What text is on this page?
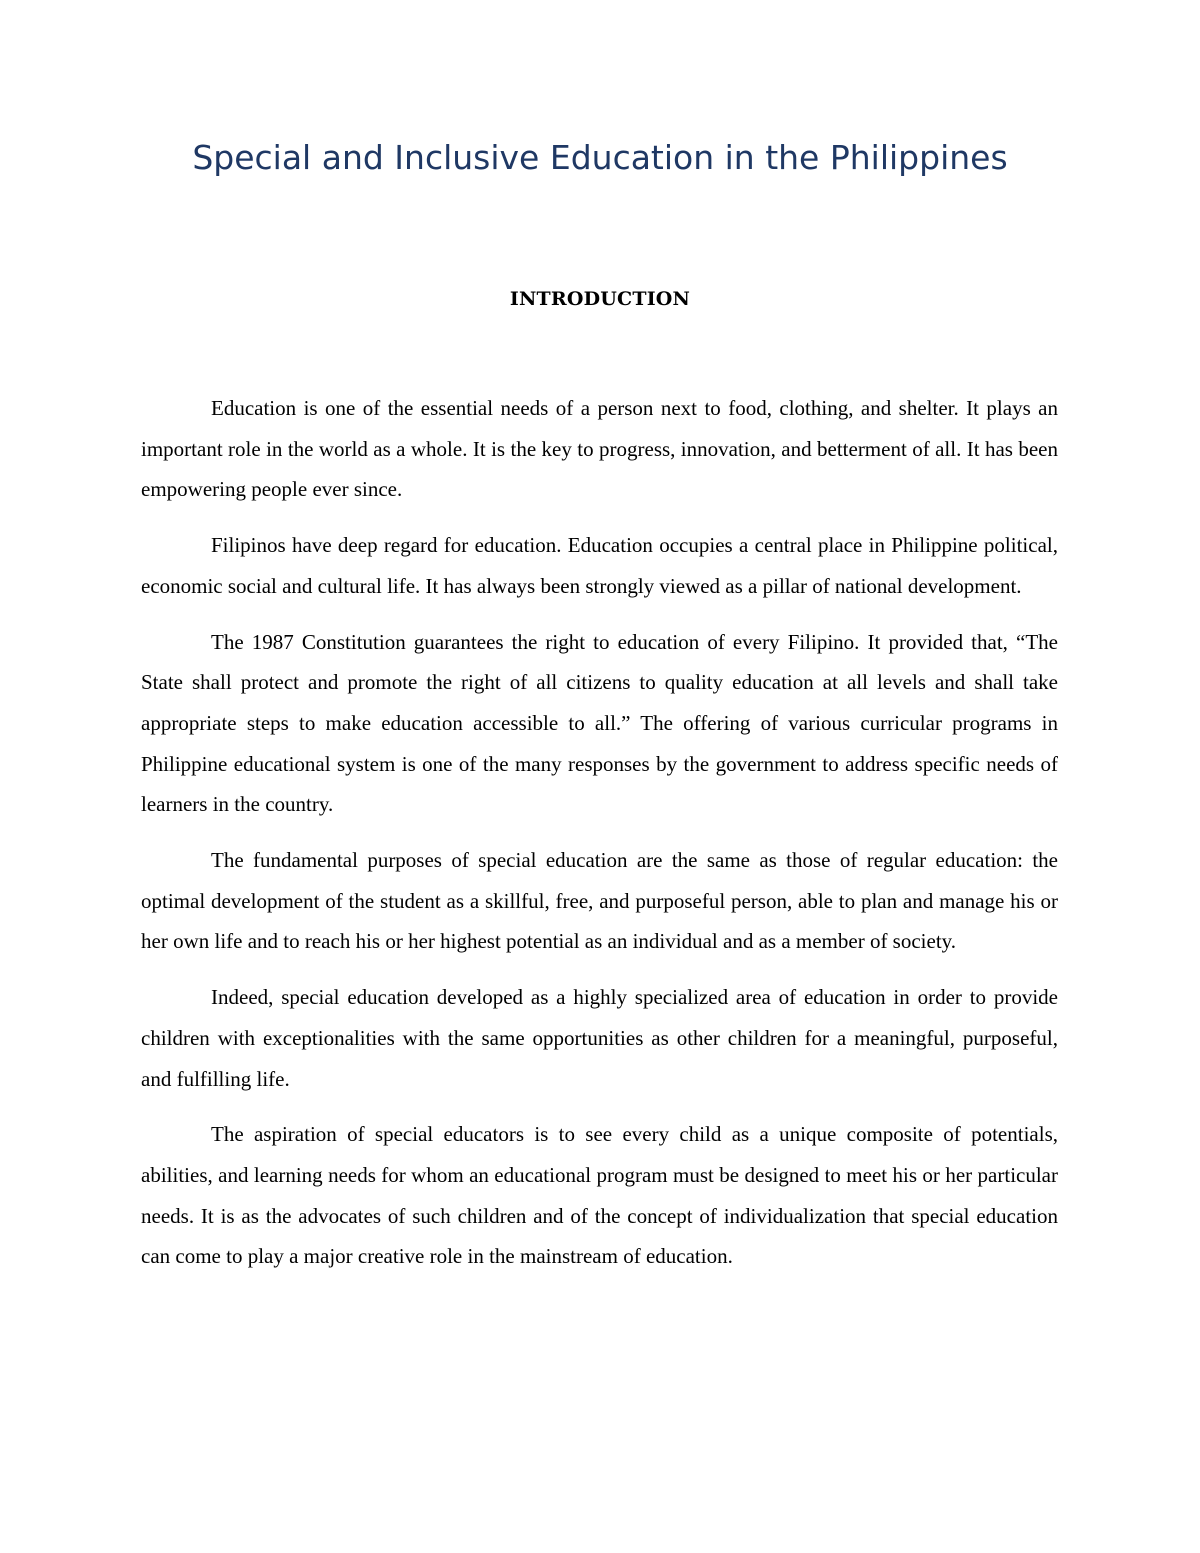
Special and Inclusive Education in the Philippines
INTRODUCTION

Education is one of the essential needs of a person next to food, clothing, and shelter. It plays an important role in the world as a whole. It is the key to progress, innovation, and betterment of all. It has been empowering people ever since.

Filipinos have deep regard for education. Education occupies a central place in Philippine political, economic social and cultural life. It has always been strongly viewed as a pillar of national development.

The 1987 Constitution guarantees the right to education of every Filipino. It provided that, “The State shall protect and promote the right of all citizens to quality education at all levels and shall take appropriate steps to make education accessible to all.” The offering of various curricular programs in Philippine educational system is one of the many responses by the government to address specific needs of learners in the country.

The fundamental purposes of special education are the same as those of regular education: the optimal development of the student as a skillful, free, and purposeful person, able to plan and manage his or her own life and to reach his or her highest potential as an individual and as a member of society.

Indeed, special education developed as a highly specialized area of education in order to provide children with exceptionalities with the same opportunities as other children for a meaningful, purposeful, and fulfilling life.

The aspiration of special educators is to see every child as a unique composite of potentials, abilities, and learning needs for whom an educational program must be designed to meet his or her particular needs. It is as the advocates of such children and of the concept of individualization that special education can come to play a major creative role in the mainstream of education.
